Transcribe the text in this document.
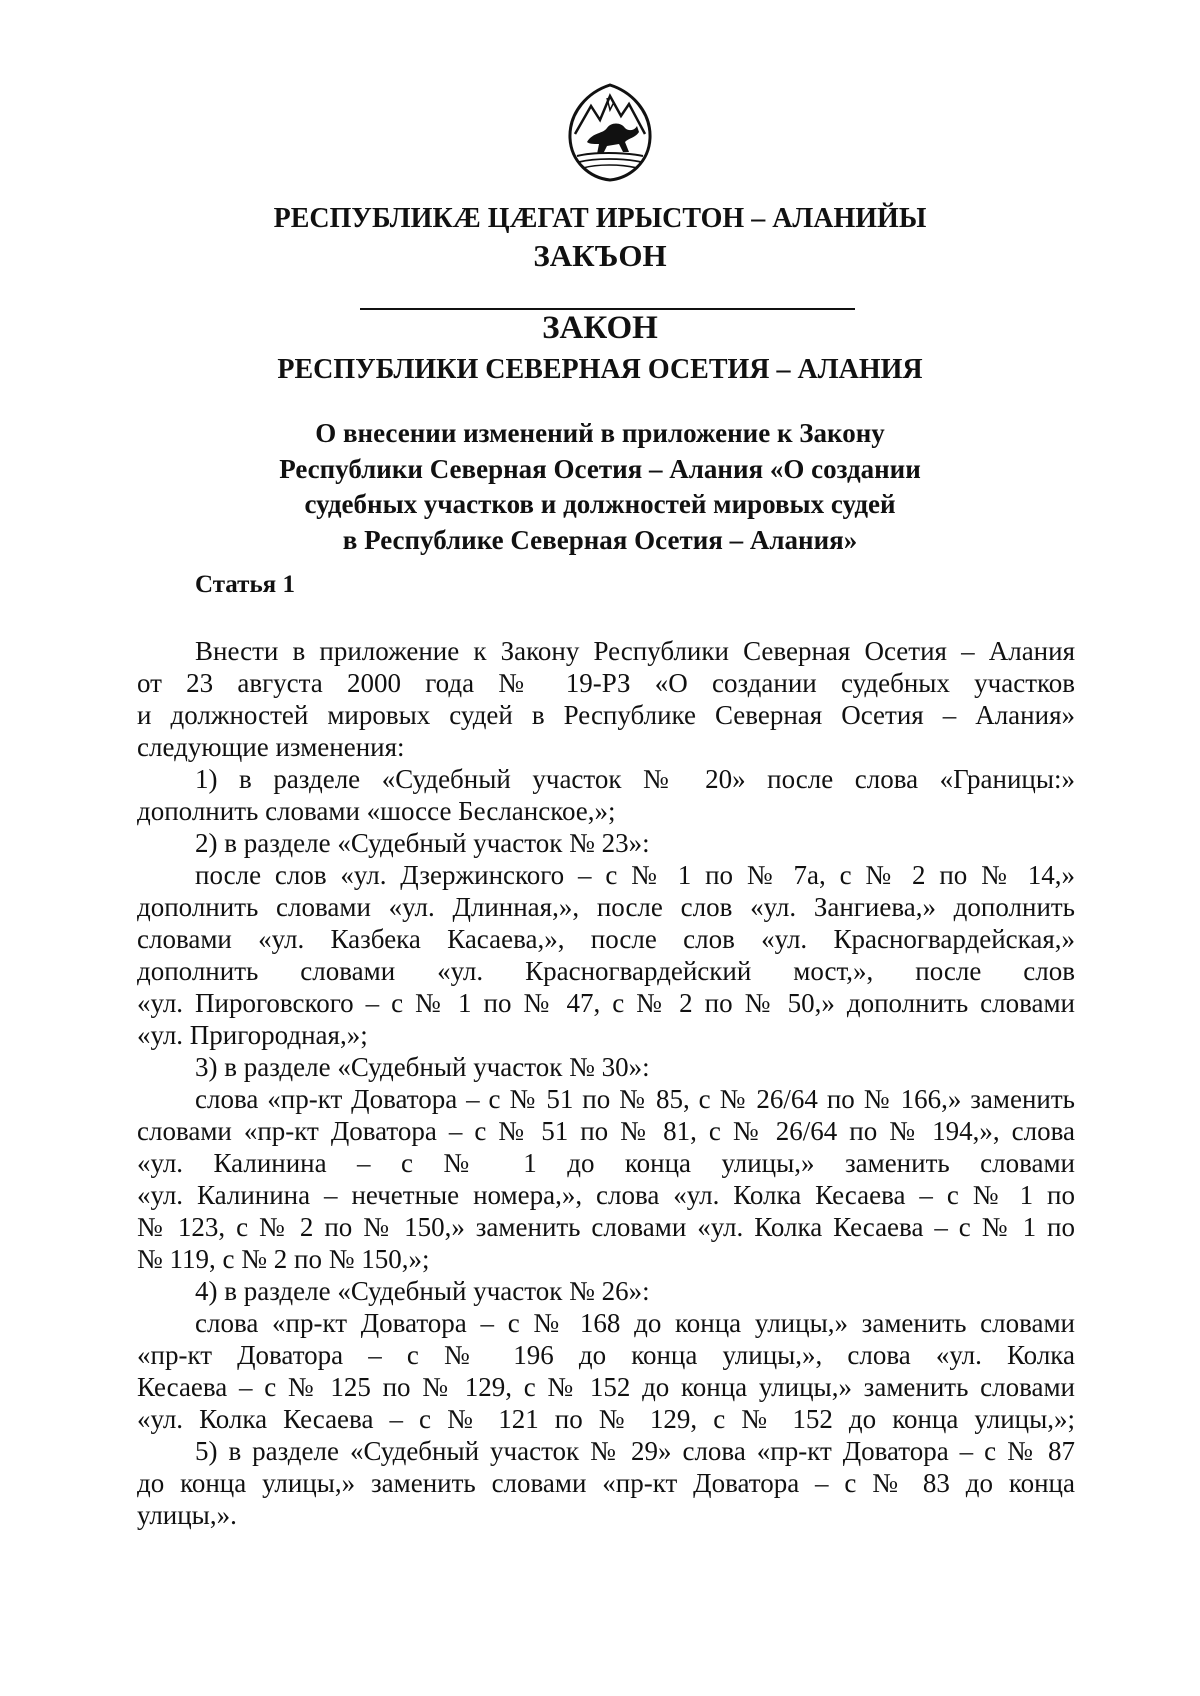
РЕСПУБЛИКÆ ЦÆГАТ ИРЫСТОН – АЛАНИЙЫ
ЗАКЪОН
ЗАКОН
РЕСПУБЛИКИ СЕВЕРНАЯ ОСЕТИЯ – АЛАНИЯ
О внесении изменений в приложение к Закону
Республики Северная Осетия – Алания «О создании
судебных участков и должностей мировых судей
в Республике Северная Осетия – Алания»
Статья 1
Внести в приложение к Закону Республики Северная Осетия – Алания
от 23 августа 2000 года № 19-РЗ «О создании судебных участков
и должностей мировых судей в Республике Северная Осетия – Алания»
следующие изменения:
1) в разделе «Судебный участок № 20» после слова «Границы:»
дополнить словами «шоссе Бесланское,»;
2) в разделе «Судебный участок № 23»:
после слов «ул. Дзержинского – с № 1 по № 7а, с № 2 по № 14,»
дополнить словами «ул. Длинная,», после слов «ул. Зангиева,» дополнить
словами «ул. Казбека Касаева,», после слов «ул. Красногвардейская,»
дополнить словами «ул. Красногвардейский мост,», после слов
«ул. Пироговского – с № 1 по № 47, с № 2 по № 50,» дополнить словами
«ул. Пригородная,»;
3) в разделе «Судебный участок № 30»:
слова «пр-кт Доватора – с № 51 по № 85, с № 26/64 по № 166,» заменить
словами «пр-кт Доватора – с № 51 по № 81, с № 26/64 по № 194,», слова
«ул. Калинина – с № 1 до конца улицы,» заменить словами
«ул. Калинина – нечетные номера,», слова «ул. Колка Кесаева – с № 1 по
№ 123, с № 2 по № 150,» заменить словами «ул. Колка Кесаева – с № 1 по
№ 119, с № 2 по № 150,»;
4) в разделе «Судебный участок № 26»:
слова «пр-кт Доватора – с № 168 до конца улицы,» заменить словами
«пр-кт Доватора – с № 196 до конца улицы,», слова «ул. Колка
Кесаева – с № 125 по № 129, с № 152 до конца улицы,» заменить словами
«ул. Колка Кесаева – с № 121 по № 129, с № 152 до конца улицы,»;
5) в разделе «Судебный участок № 29» слова «пр-кт Доватора – с № 87
до конца улицы,» заменить словами «пр-кт Доватора – с № 83 до конца
улицы,».
